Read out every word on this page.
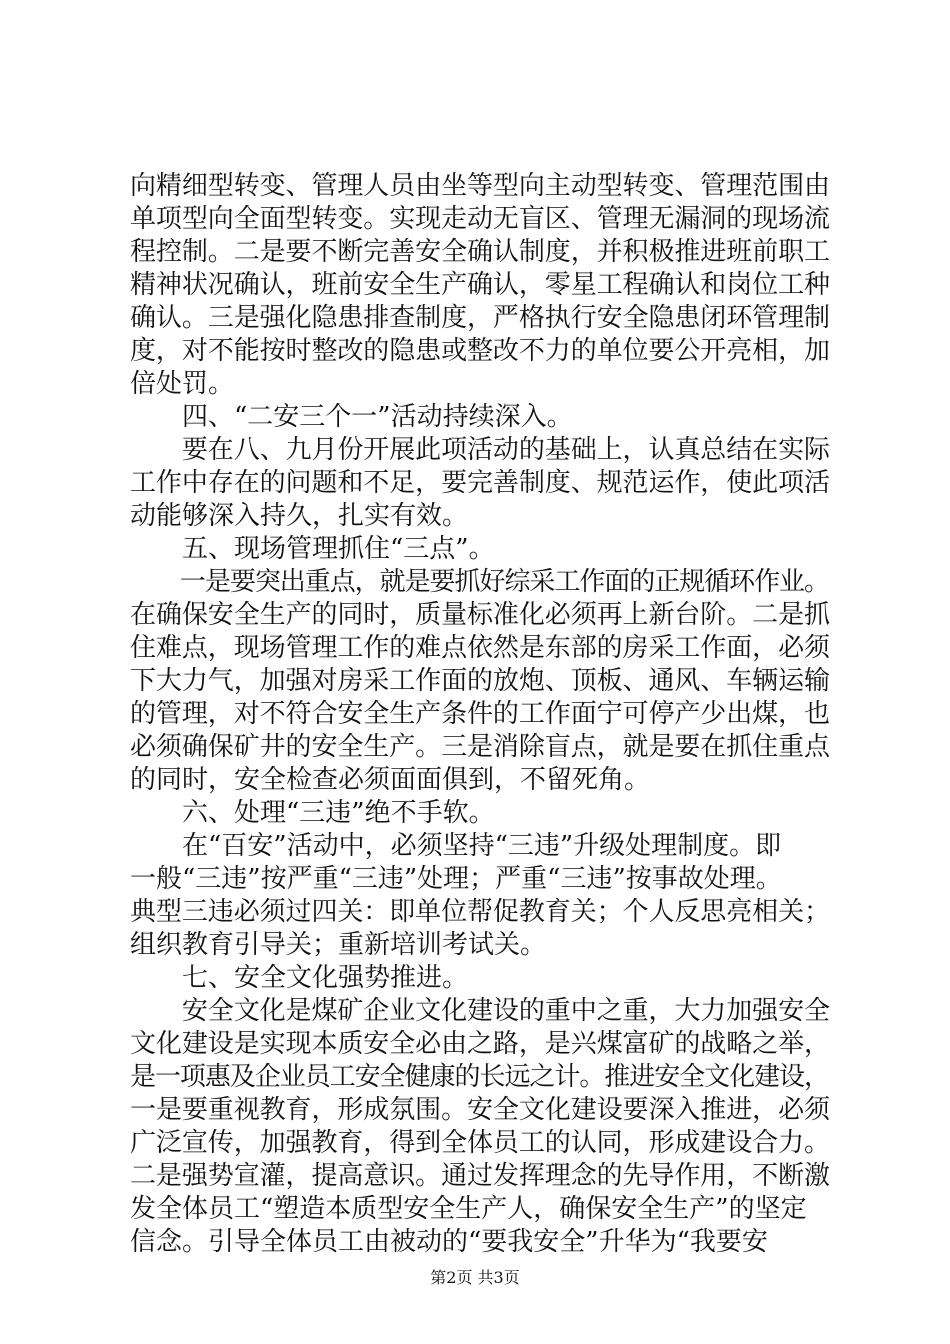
向精细型转变、管理人员由坐等型向主动型转变、管理范围由
单项型向全面型转变。实现走动无盲区、管理无漏洞的现场流
程控制。二是要不断完善安全确认制度，并积极推进班前职工
精神状况确认，班前安全生产确认，零星工程确认和岗位工种
确认。三是强化隐患排查制度，严格执行安全隐患闭环管理制
度，对不能按时整改的隐患或整改不力的单位要公开亮相，加
倍处罚。
　　四、“二安三个一”活动持续深入。
　　要在八、九月份开展此项活动的基础上，认真总结在实际
工作中存在的问题和不足，要完善制度、规范运作，使此项活
动能够深入持久，扎实有效。
　　五、现场管理抓住“三点”。
　　一是要突出重点，就是要抓好综采工作面的正规循环作业。
在确保安全生产的同时，质量标准化必须再上新台阶。二是抓
住难点，现场管理工作的难点依然是东部的房采工作面，必须
下大力气，加强对房采工作面的放炮、顶板、通风、车辆运输
的管理，对不符合安全生产条件的工作面宁可停产少出煤，也
必须确保矿井的安全生产。三是消除盲点，就是要在抓住重点
的同时，安全检查必须面面俱到，不留死角。
　　六、处理“三违”绝不手软。
　　在“百安”活动中，必须坚持“三违”升级处理制度。即
一般“三违”按严重“三违”处理；严重“三违”按事故处理。
典型三违必须过四关：即单位帮促教育关；个人反思亮相关；
组织教育引导关；重新培训考试关。
　　七、安全文化强势推进。
　　安全文化是煤矿企业文化建设的重中之重，大力加强安全
文化建设是实现本质安全必由之路，是兴煤富矿的战略之举，
是一项惠及企业员工安全健康的长远之计。推进安全文化建设，
一是要重视教育，形成氛围。安全文化建设要深入推进，必须
广泛宣传，加强教育，得到全体员工的认同，形成建设合力。
二是强势宣灌，提高意识。通过发挥理念的先导作用，不断激
发全体员工“塑造本质型安全生产人，确保安全生产”的坚定
信念。引导全体员工由被动的“要我安全”升华为“我要安
第2页 共3页
